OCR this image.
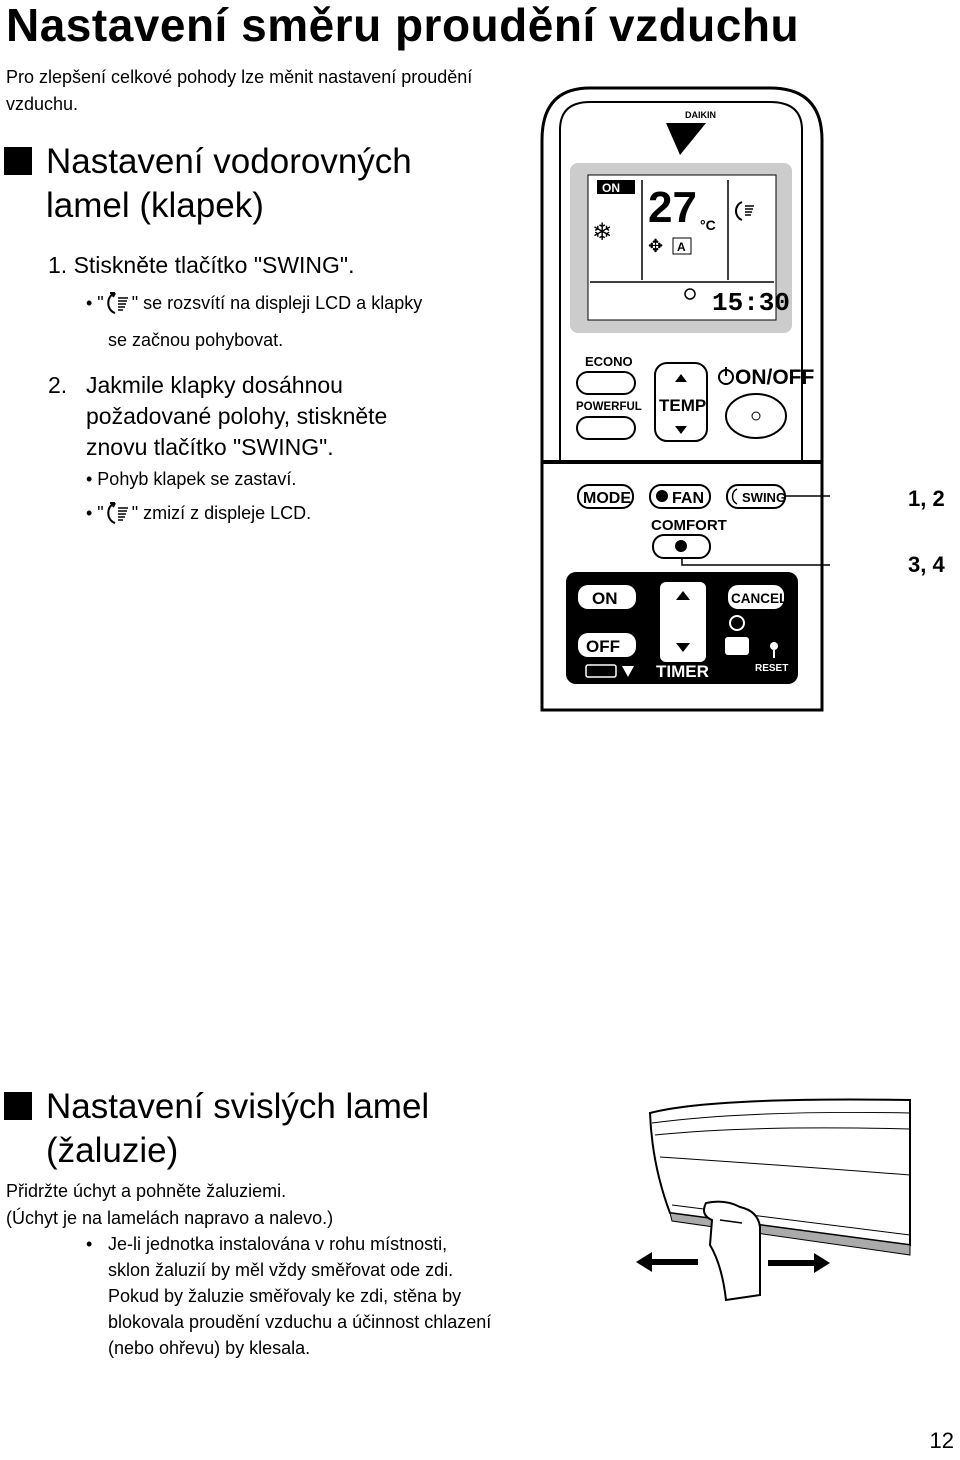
Nastavení směru proudění vzduchu
Pro zlepšení celkové pohody lze měnit nastavení proudění vzduchu.
Nastavení vodorovných
lamel (klapek)
1. Stiskněte tlačítko "SWING".
• " " se rozsvítí na displeji LCD a klapky
se začnou pohybovat.
2. Jakmile klapky dosáhnou
požadované polohy, stiskněte
znovu tlačítko "SWING".
• Pohyb klapek se zastaví.
• " " zmizí z displeje LCD.
DAIKIN
ON
❄ 27 °C
✥ A
15:30
ECONO
POWERFUL TEMP
ON/OFF
MODE	FAN	SWING
COMFORT
ON
OFF
TIMER
CANCEL
RESET
1, 2
3, 4
Nastavení svislých lamel
(žaluzie)
Přidržte úchyt a pohněte žaluziemi.
(Úchyt je na lamelách napravo a nalevo.)
• Je-li jednotka instalována v rohu místnosti,
sklon žaluzií by měl vždy směřovat ode zdi.
Pokud by žaluzie směřovaly ke zdi, stěna by
blokovala proudění vzduchu a účinnost chlazení
(nebo ohřevu) by klesala.
12
